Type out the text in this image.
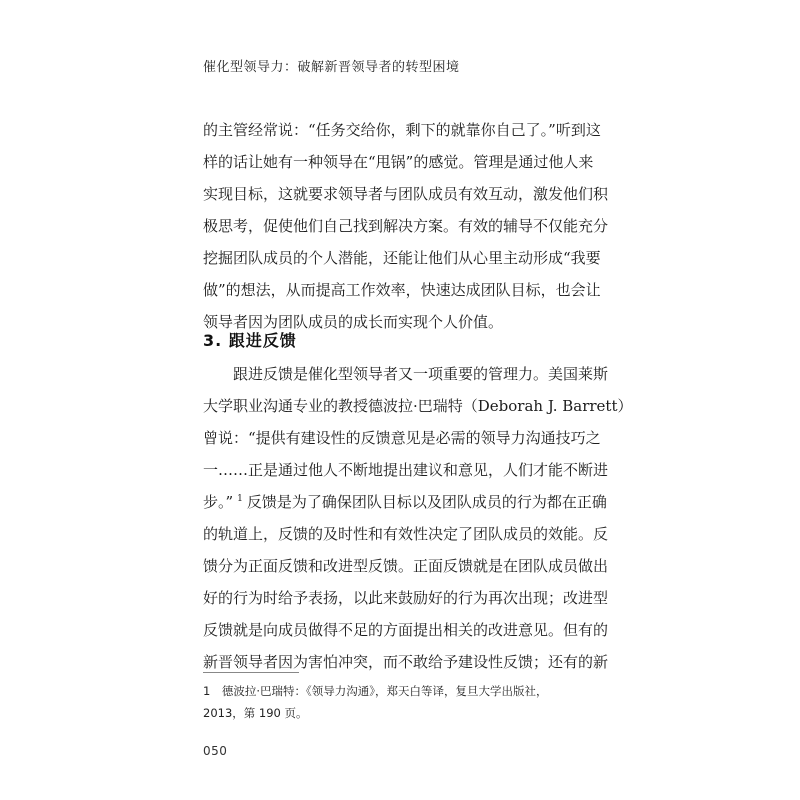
催化型领导力：破解新晋领导者的转型困境
的主管经常说：“任务交给你，剩下的就靠你自己了。”听到这
样的话让她有一种领导在“甩锅”的感觉。管理是通过他人来
实现目标，这就要求领导者与团队成员有效互动，激发他们积
极思考，促使他们自己找到解决方案。有效的辅导不仅能充分
挖掘团队成员的个人潜能，还能让他们从心里主动形成“我要
做”的想法，从而提高工作效率，快速达成团队目标，也会让
领导者因为团队成员的成长而实现个人价值。
3. 跟进反馈
跟进反馈是催化型领导者又一项重要的管理力。美国莱斯
大学职业沟通专业的教授德波拉·巴瑞特（Deborah J. Barrett）
曾说：“提供有建设性的反馈意见是必需的领导力沟通技巧之
一……正是通过他人不断地提出建议和意见，人们才能不断进
步。” $^1$ 反馈是为了确保团队目标以及团队成员的行为都在正确
的轨道上，反馈的及时性和有效性决定了团队成员的效能。反
馈分为正面反馈和改进型反馈。正面反馈就是在团队成员做出
好的行为时给予表扬，以此来鼓励好的行为再次出现；改进型
反馈就是向成员做得不足的方面提出相关的改进意见。但有的
新晋领导者因为害怕冲突，而不敢给予建设性反馈；还有的新
1　德波拉·巴瑞特：《领导力沟通》，郑天白等译，复旦大学出版社，
2013，第 190 页。
050
